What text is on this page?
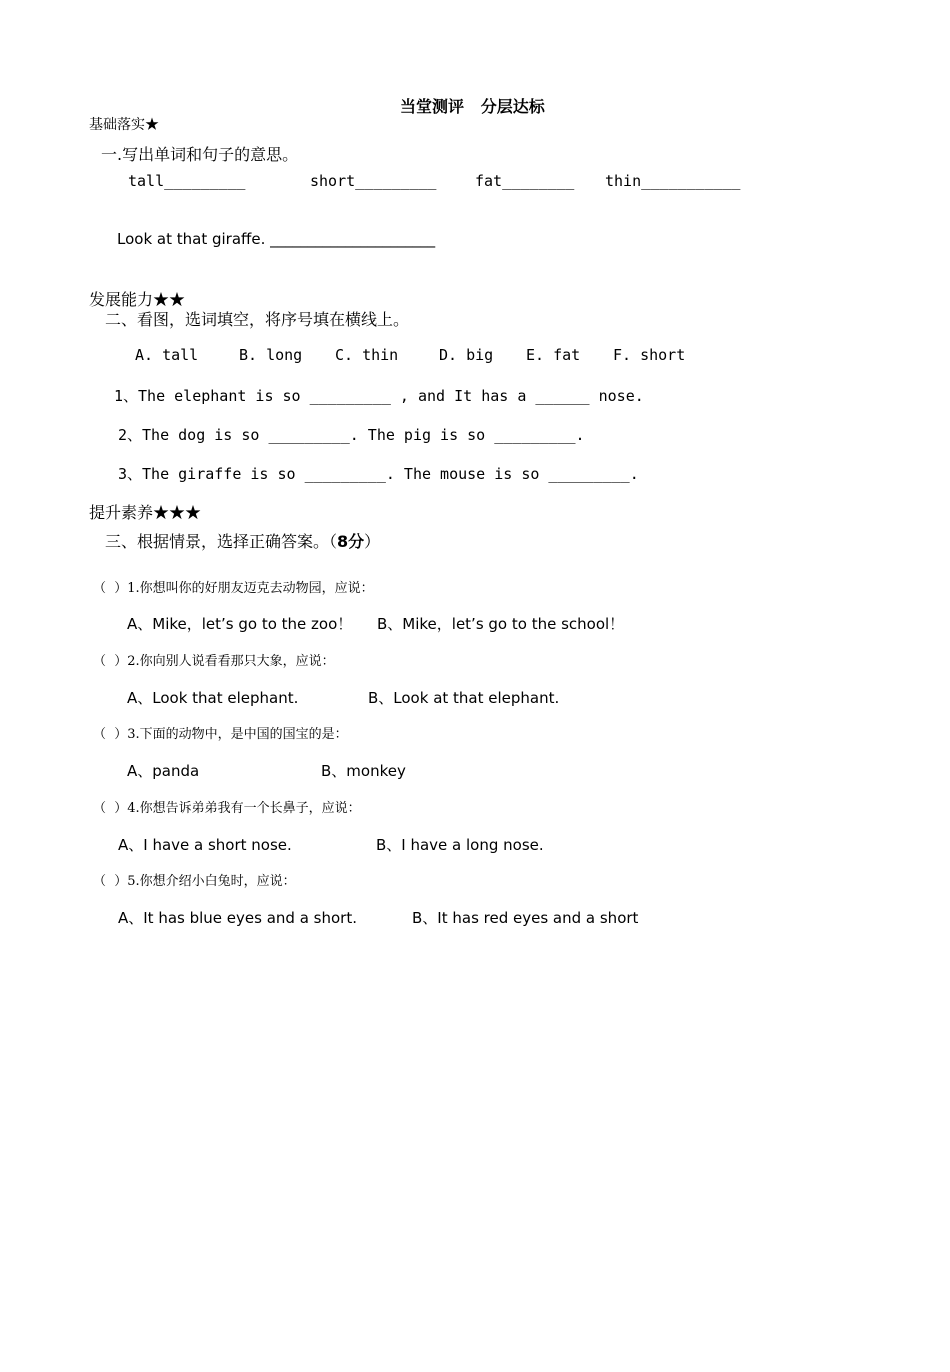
当堂测评   分层达标
基础落实★
一.写出单词和句子的意思。
tall_________	short_________	fat________ thin___________
Look at that giraffe. ______________________
发展能力★★
二、看图，选词填空，将序号填在横线上。
A. tall	B. long C. thin	D. big E. fat F. short
1、The elephant is so _________ , and It has a ______ nose.
2、The dog is so _________. The pig is so _________.
3、The giraffe is so _________. The mouse is so _________.
提升素养★★★
三、根据情景，选择正确答案。（8分）
（  ）1.你想叫你的好朋友迈克去动物园，应说：
A、Mike，let’s go to the zoo！ B、Mike，let’s go to the school！
（  ）2.你向别人说看看那只大象，应说：
A、Look that elephant.	B、Look at that elephant.
（  ）3.下面的动物中，是中国的国宝的是：
A、panda	B、monkey
（  ）4.你想告诉弟弟我有一个长鼻子，应说：
A、I have a short nose.	B、I have a long nose.
（  ）5.你想介绍小白兔时，应说：
A、It has blue eyes and a short.	B、It has red eyes and a short
